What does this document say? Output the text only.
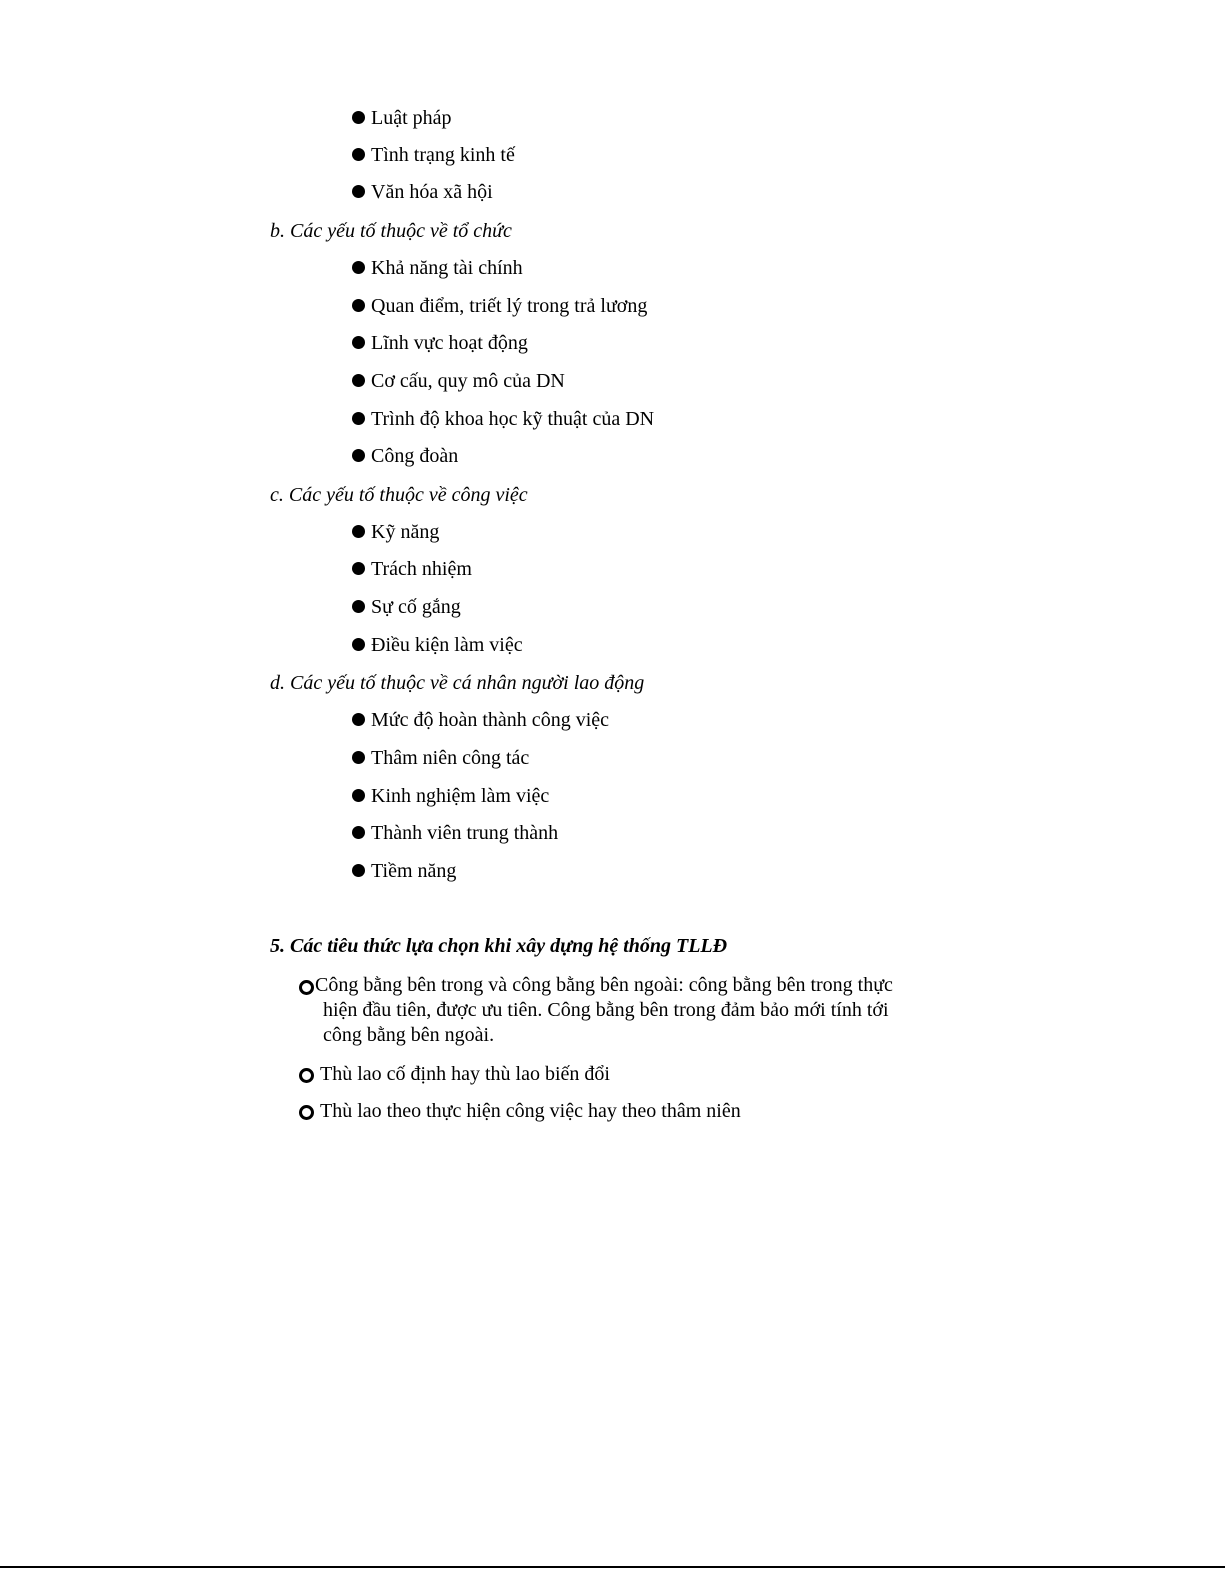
Luật pháp
Tình trạng kinh tế
Văn hóa xã hội
b. Các yếu tố thuộc về tổ chức
Khả năng tài chính
Quan điểm, triết lý trong trả lương
Lĩnh vực hoạt động
Cơ cấu, quy mô của DN
Trình độ khoa học kỹ thuật của DN
Công đoàn
c. Các yếu tố thuộc về công việc
Kỹ năng
Trách nhiệm
Sự cố gắng
Điều kiện làm việc
d. Các yếu tố thuộc về cá nhân người lao động
Mức độ hoàn thành công việc
Thâm niên công tác
Kinh nghiệm làm việc
Thành viên trung thành
Tiềm năng
5. Các tiêu thức lựa chọn khi xây dựng hệ thống TLLĐ
Công bằng bên trong và công bằng bên ngoài: công bằng bên trong thực
hiện đầu tiên, được ưu tiên. Công bằng bên trong đảm bảo mới tính tới
công bằng bên ngoài.
Thù lao cố định hay thù lao biến đổi
Thù lao theo thực hiện công việc hay theo thâm niên
